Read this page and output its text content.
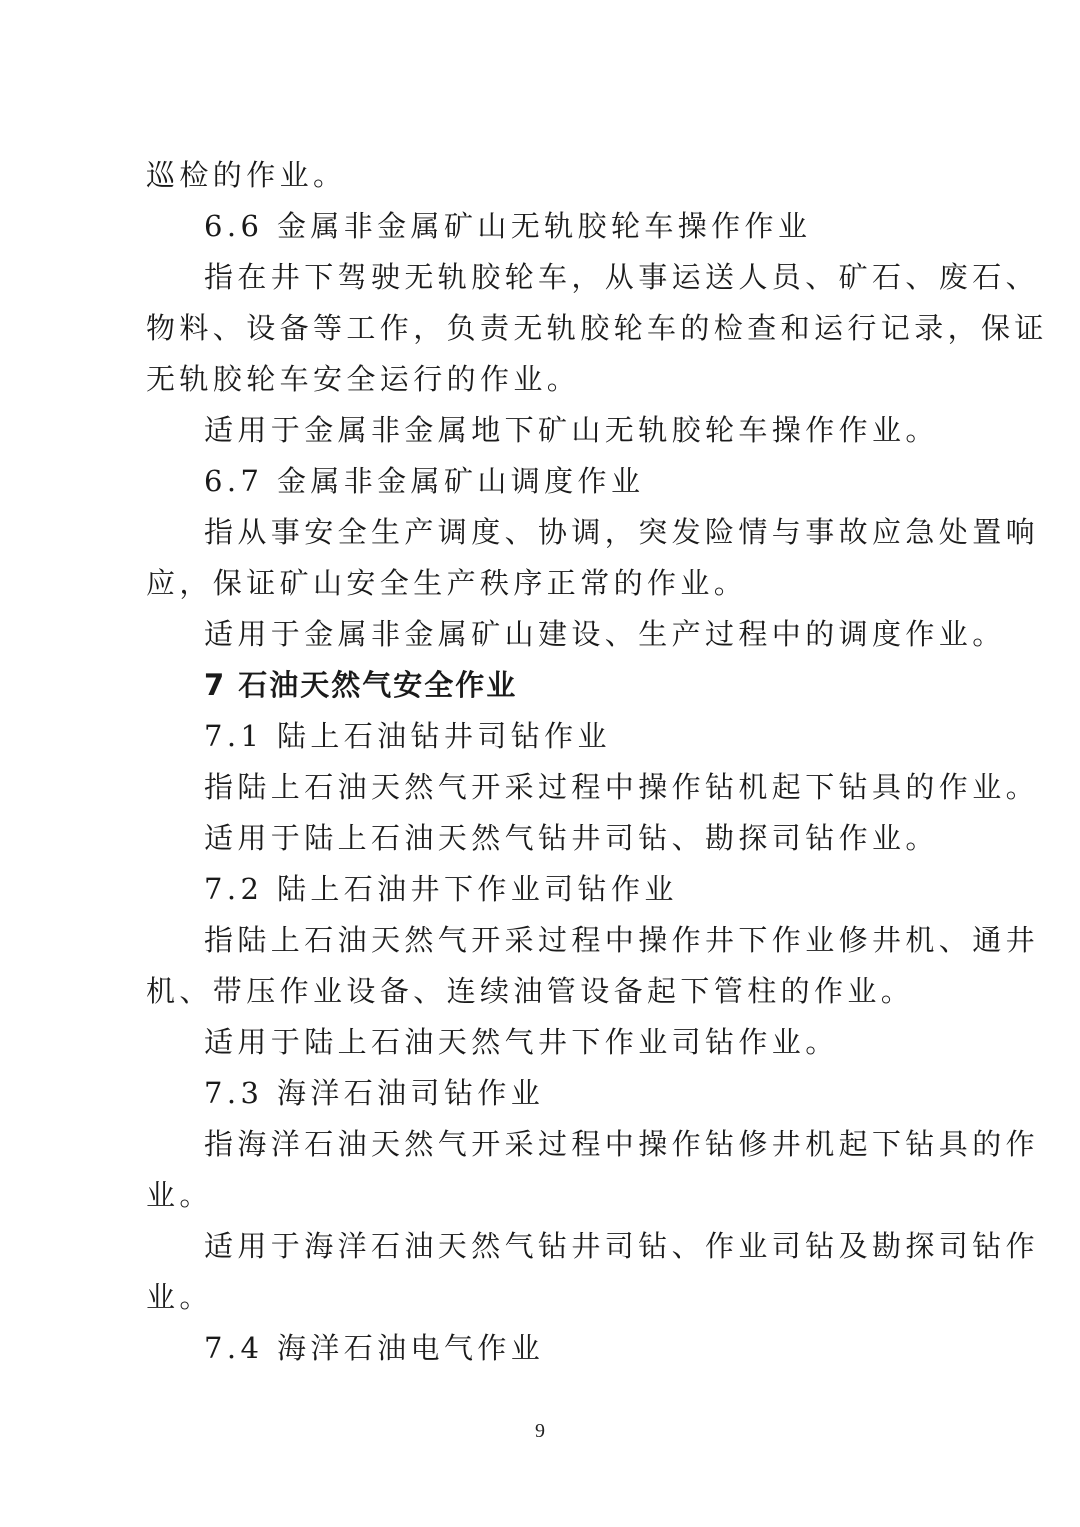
巡检的作业。
6.6 金属非金属矿山无轨胶轮车操作作业
指在井下驾驶无轨胶轮车，从事运送人员、矿石、废石、
物料、设备等工作，负责无轨胶轮车的检查和运行记录，保证
无轨胶轮车安全运行的作业。
适用于金属非金属地下矿山无轨胶轮车操作作业。
6.7 金属非金属矿山调度作业
指从事安全生产调度、协调，突发险情与事故应急处置响
应，保证矿山安全生产秩序正常的作业。
适用于金属非金属矿山建设、生产过程中的调度作业。
7 石油天然气安全作业
7.1 陆上石油钻井司钻作业
指陆上石油天然气开采过程中操作钻机起下钻具的作业。
适用于陆上石油天然气钻井司钻、勘探司钻作业。
7.2 陆上石油井下作业司钻作业
指陆上石油天然气开采过程中操作井下作业修井机、通井
机、带压作业设备、连续油管设备起下管柱的作业。
适用于陆上石油天然气井下作业司钻作业。
7.3 海洋石油司钻作业
指海洋石油天然气开采过程中操作钻修井机起下钻具的作
业。
适用于海洋石油天然气钻井司钻、作业司钻及勘探司钻作
业。
7.4 海洋石油电气作业
9
